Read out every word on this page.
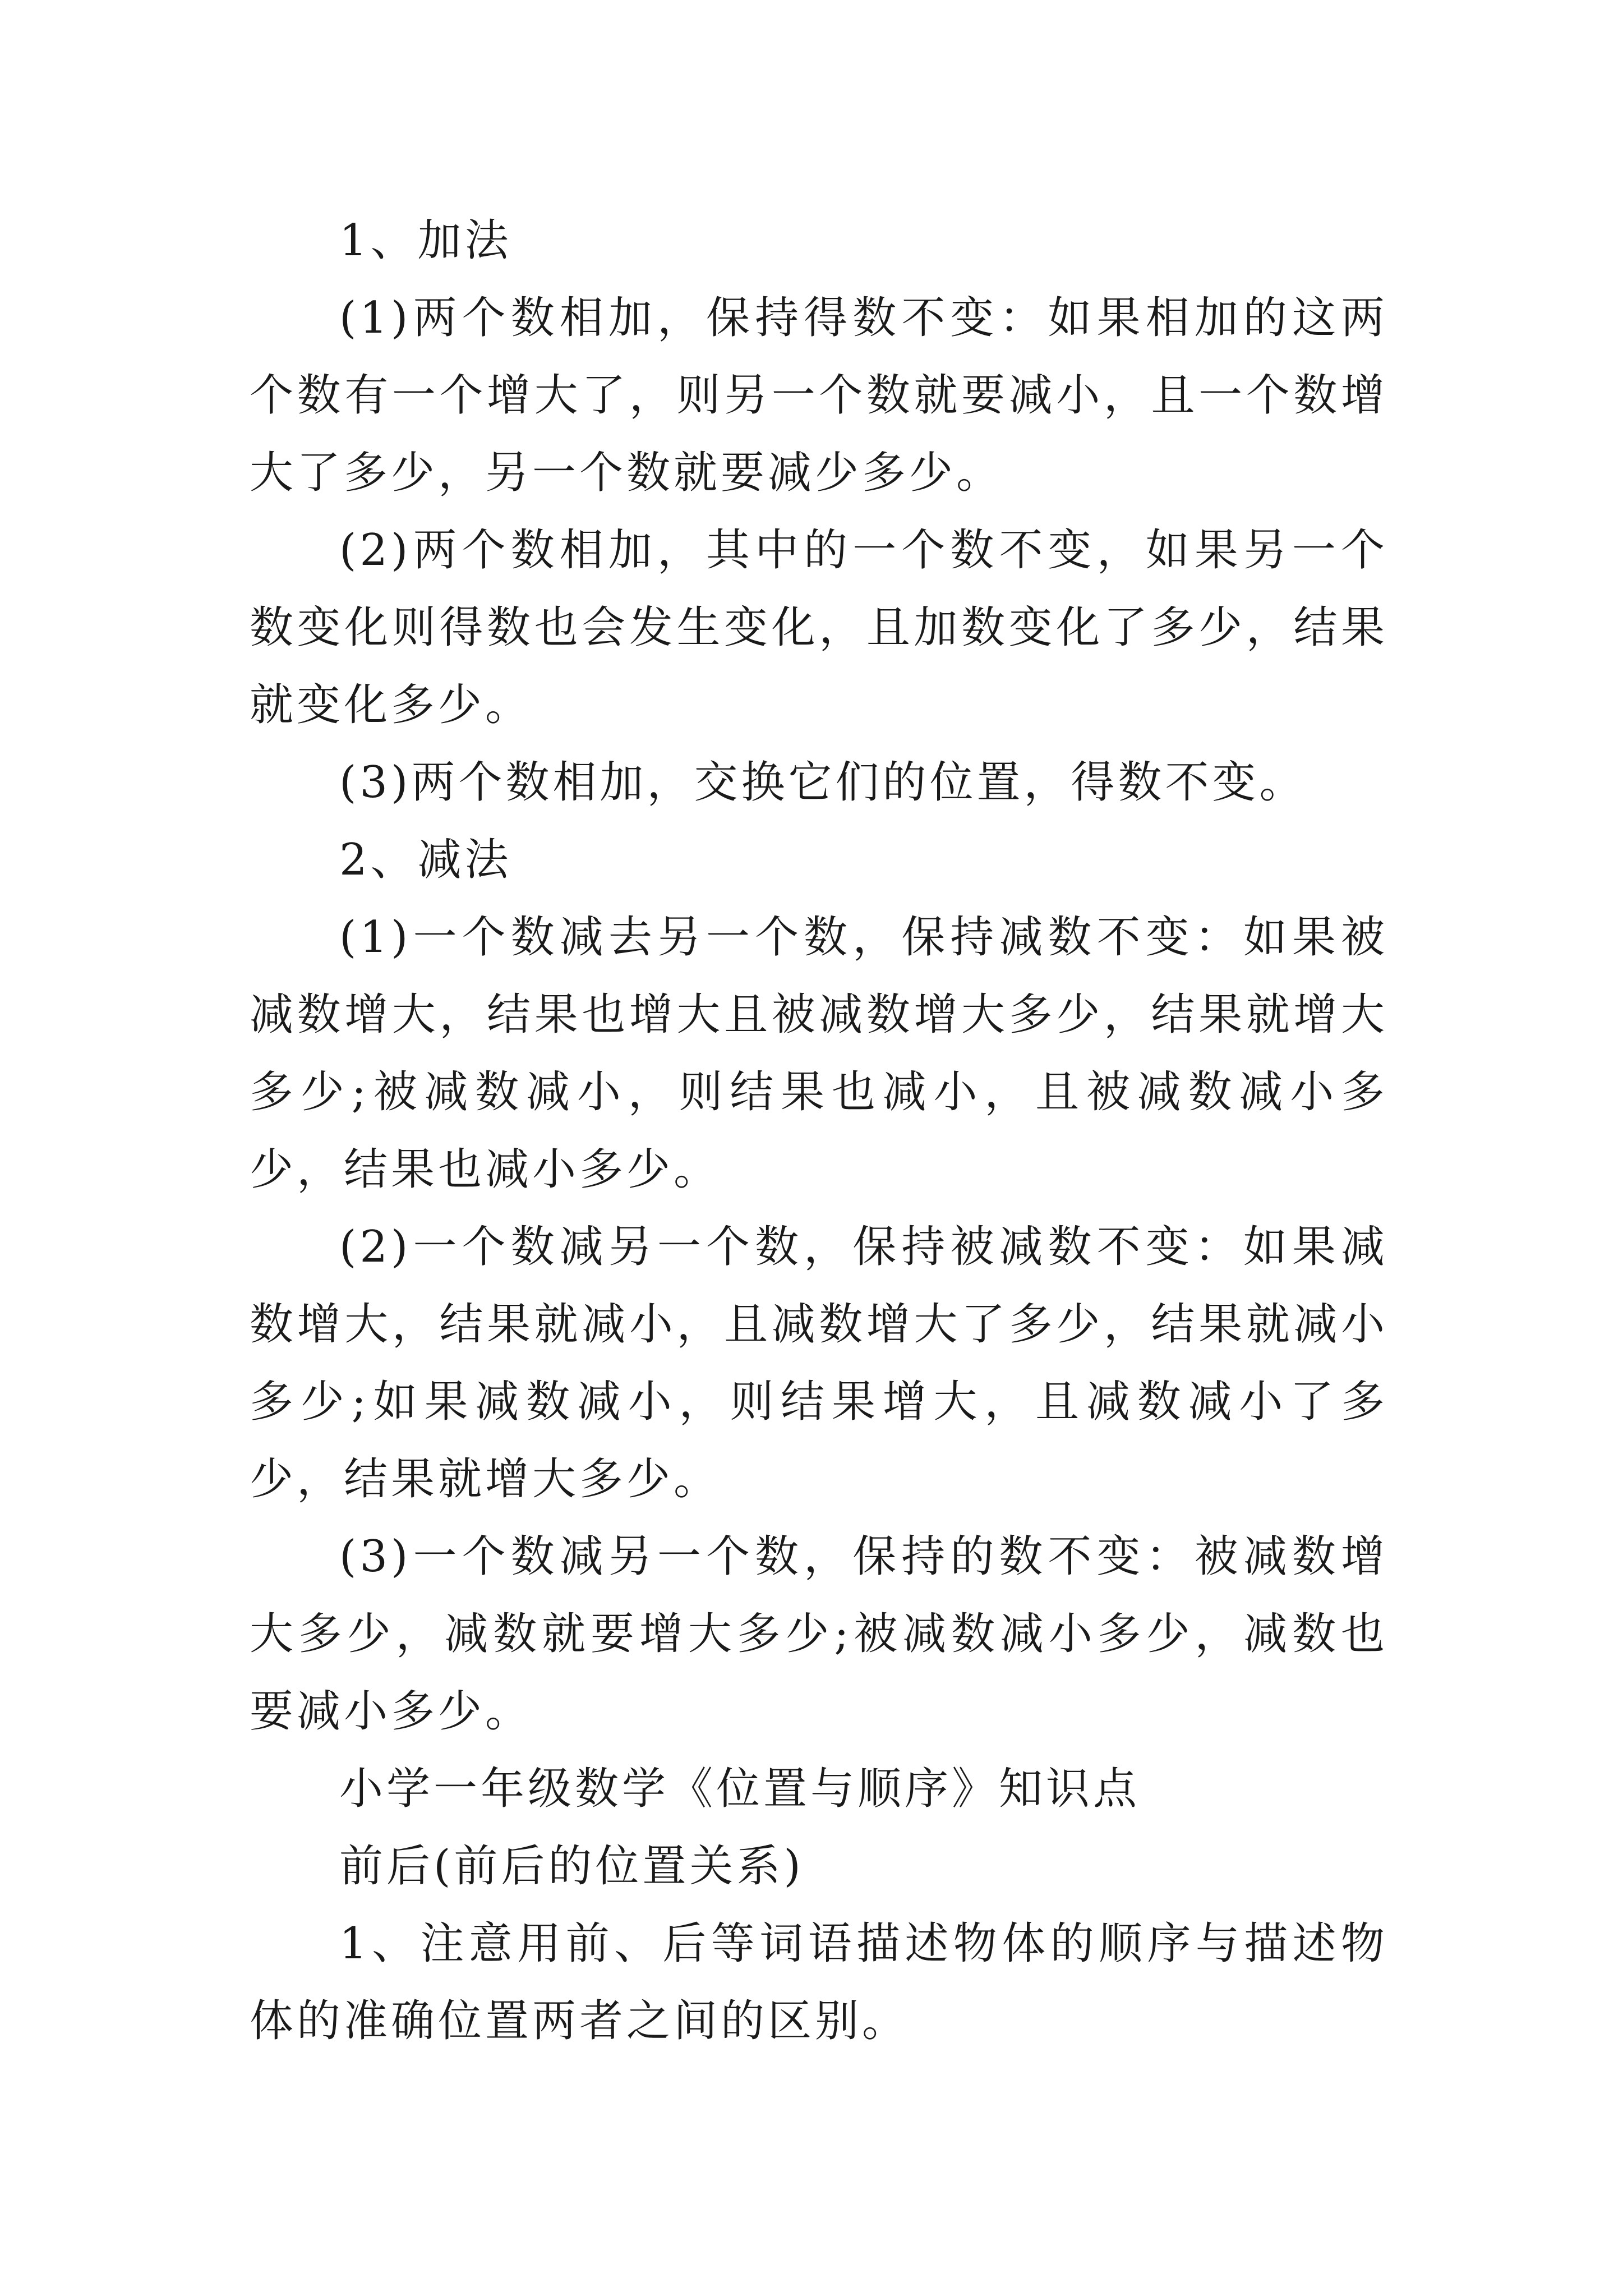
1、加法

(1)两个数相加，保持得数不变：如果相加的这两个数有一个增大了，则另一个数就要减小，且一个数增大了多少，另一个数就要减少多少。

(2)两个数相加，其中的一个数不变，如果另一个数变化则得数也会发生变化，且加数变化了多少，结果就变化多少。

(3)两个数相加，交换它们的位置，得数不变。

2、减法

(1)一个数减去另一个数，保持减数不变：如果被减数增大，结果也增大且被减数增大多少，结果就增大多少;被减数减小，则结果也减小，且被减数减小多少，结果也减小多少。

(2)一个数减另一个数，保持被减数不变：如果减数增大，结果就减小，且减数增大了多少，结果就减小多少;如果减数减小，则结果增大，且减数减小了多少，结果就增大多少。

(3)一个数减另一个数，保持的数不变：被减数增大多少，减数就要增大多少;被减数减小多少，减数也要减小多少。

小学一年级数学《位置与顺序》知识点

前后(前后的位置关系)

1、注意用前、后等词语描述物体的顺序与描述物体的准确位置两者之间的区别。
